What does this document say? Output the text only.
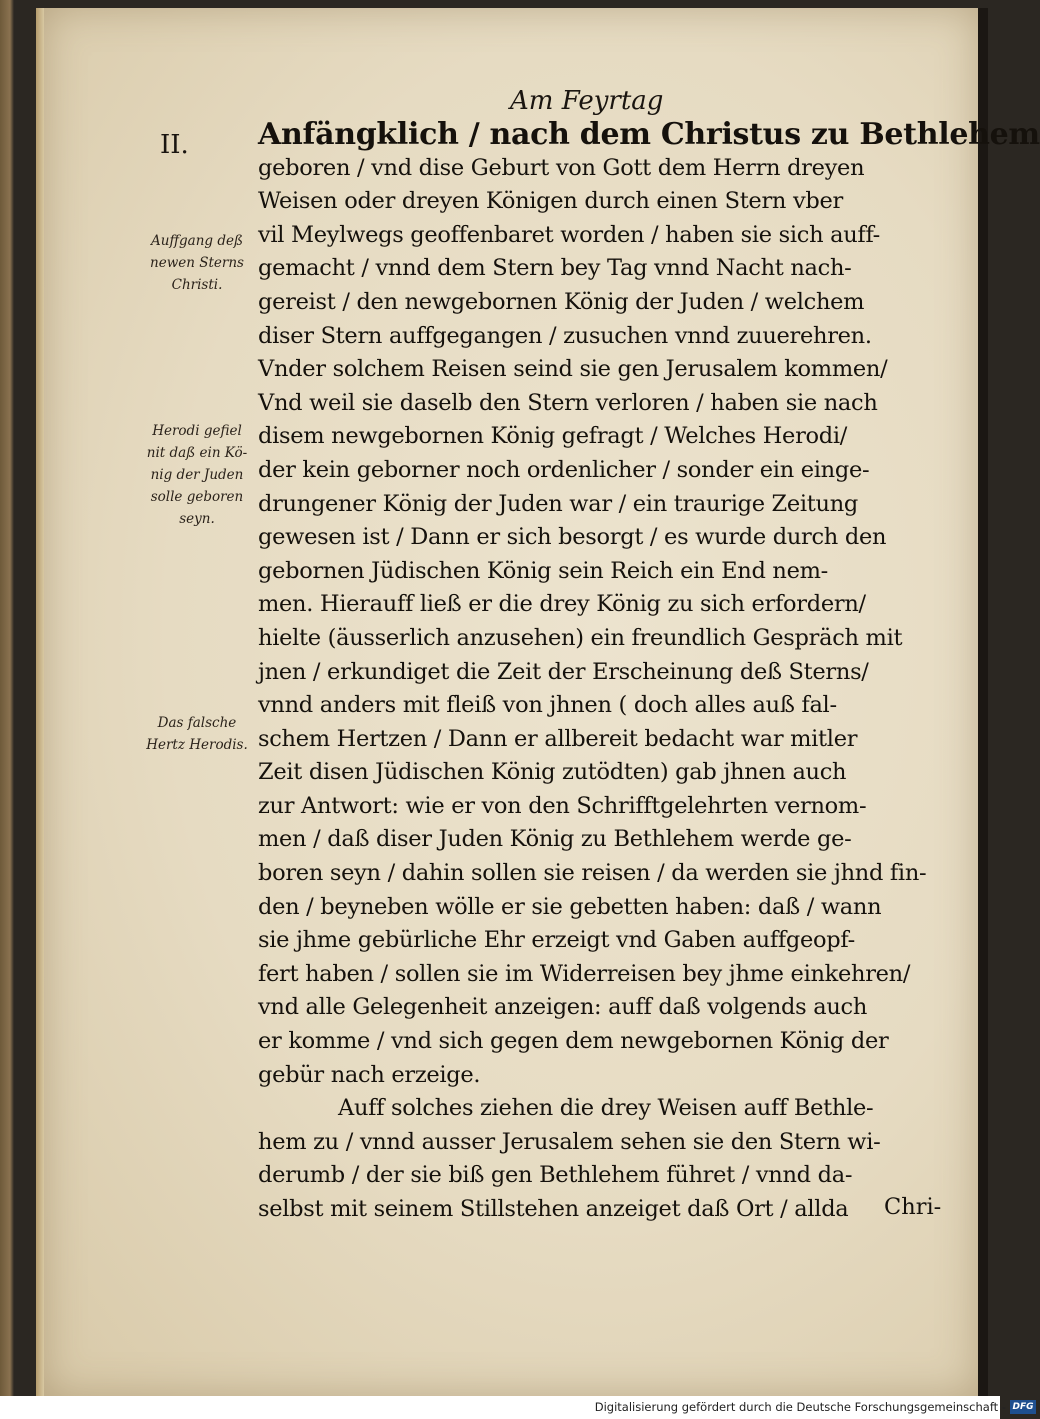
Am Feyrtag
II. Anfängklich / nach dem Christus zu Bethlehem
geboren / vnd dise Geburt von Gott dem Herrn dreyen
Weisen oder dreyen Königen durch einen Stern vber
vil Meylwegs geoffenbaret worden / haben sie sich auff-
gemacht / vnnd dem Stern bey Tag vnnd Nacht nach-
gereist / den newgebornen König der Juden / welchem
diser Stern auffgegangen / zusuchen vnnd zuuerehren.
Vnder solchem Reisen seind sie gen Jerusalem kommen/
Vnd weil sie daselb den Stern verloren / haben sie nach
disem newgebornen König gefragt / Welches Herodi/
der kein geborner noch ordenlicher / sonder ein einge-
drungener König der Juden war / ein traurige Zeitung
gewesen ist / Dann er sich besorgt / es wurde durch den
gebornen Jüdischen König sein Reich ein End nem-
men. Hierauff ließ er die drey König zu sich erfordern/
hielte (äusserlich anzusehen) ein freundlich Gespräch mit
jnen / erkundiget die Zeit der Erscheinung deß Sterns/
vnnd anders mit fleiß von jhnen ( doch alles auß fal-
schem Hertzen / Dann er allbereit bedacht war mitler
Zeit disen Jüdischen König zutödten) gab jhnen auch
zur Antwort: wie er von den Schrifftgelehrten vernom-
men / daß diser Juden König zu Bethlehem werde ge-
boren seyn / dahin sollen sie reisen / da werden sie jhnd fin-
den / beyneben wölle er sie gebetten haben: daß / wann
sie jhme gebürliche Ehr erzeigt vnd Gaben auffgeopf-
fert haben / sollen sie im Widerreisen bey jhme einkehren/
vnd alle Gelegenheit anzeigen: auff daß volgends auch
er komme / vnd sich gegen dem newgebornen König der
gebür nach erzeige.
Auff solches ziehen die drey Weisen auff Bethle-
hem zu / vnnd ausser Jerusalem sehen sie den Stern wi-
derumb / der sie biß gen Bethlehem führet / vnnd da-
selbst mit seinem Stillstehen anzeiget daß Ort / allda	Chri-
Auffgang deß
newen Sterns
Christi.
Herodi gefiel
nit daß ein Kö-
nig der Juden
solle geboren
seyn.
Das falsche
Hertz Herodis.
Digitalisierung gefördert durch die Deutsche Forschungsgemeinschaft - DFG
